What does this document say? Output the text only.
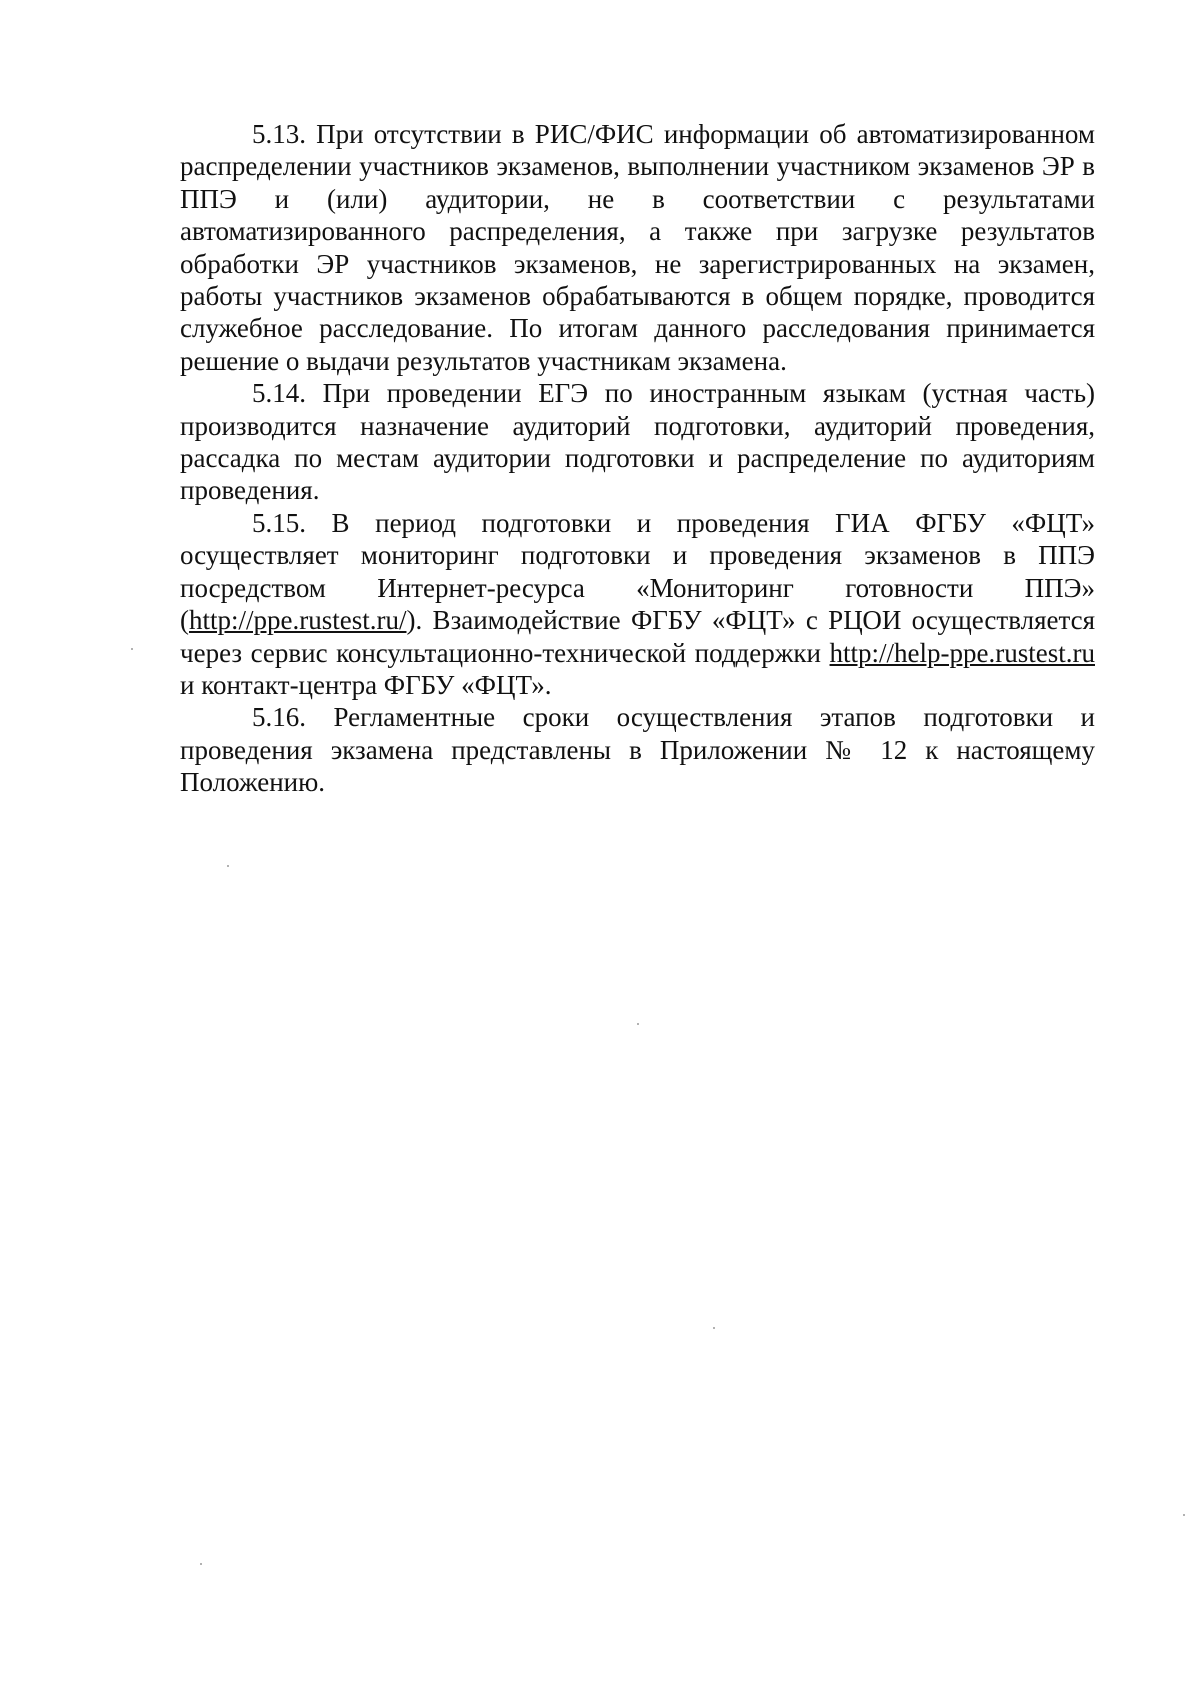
5.13. При отсутствии в РИС/ФИС информации об автоматизированном распределении участников экзаменов, выполнении участником экзаменов ЭР в ППЭ и (или) аудитории, не в соответствии с результатами автоматизированного распределения, а также при загрузке результатов обработки ЭР участников экзаменов, не зарегистрированных на экзамен, работы участников экзаменов обрабатываются в общем порядке, проводится служебное расследование. По итогам данного расследования принимается решение о выдачи результатов участникам экзамена.

5.14. При проведении ЕГЭ по иностранным языкам (устная часть) производится назначение аудиторий подготовки, аудиторий проведения, рассадка по местам аудитории подготовки и распределение по аудиториям проведения.

5.15. В период подготовки и проведения ГИА ФГБУ «ФЦТ» осуществляет мониторинг подготовки и проведения экзаменов в ППЭ посредством Интернет-ресурса «Мониторинг готовности ППЭ» (http://ppe.rustest.ru/). Взаимодействие ФГБУ «ФЦТ» с РЦОИ осуществляется через сервис консультационно-технической поддержки http://help-ppe.rustest.ru и контакт-центра ФГБУ «ФЦТ».

5.16. Регламентные сроки осуществления этапов подготовки и проведения экзамена представлены в Приложении № 12 к настоящему Положению.
